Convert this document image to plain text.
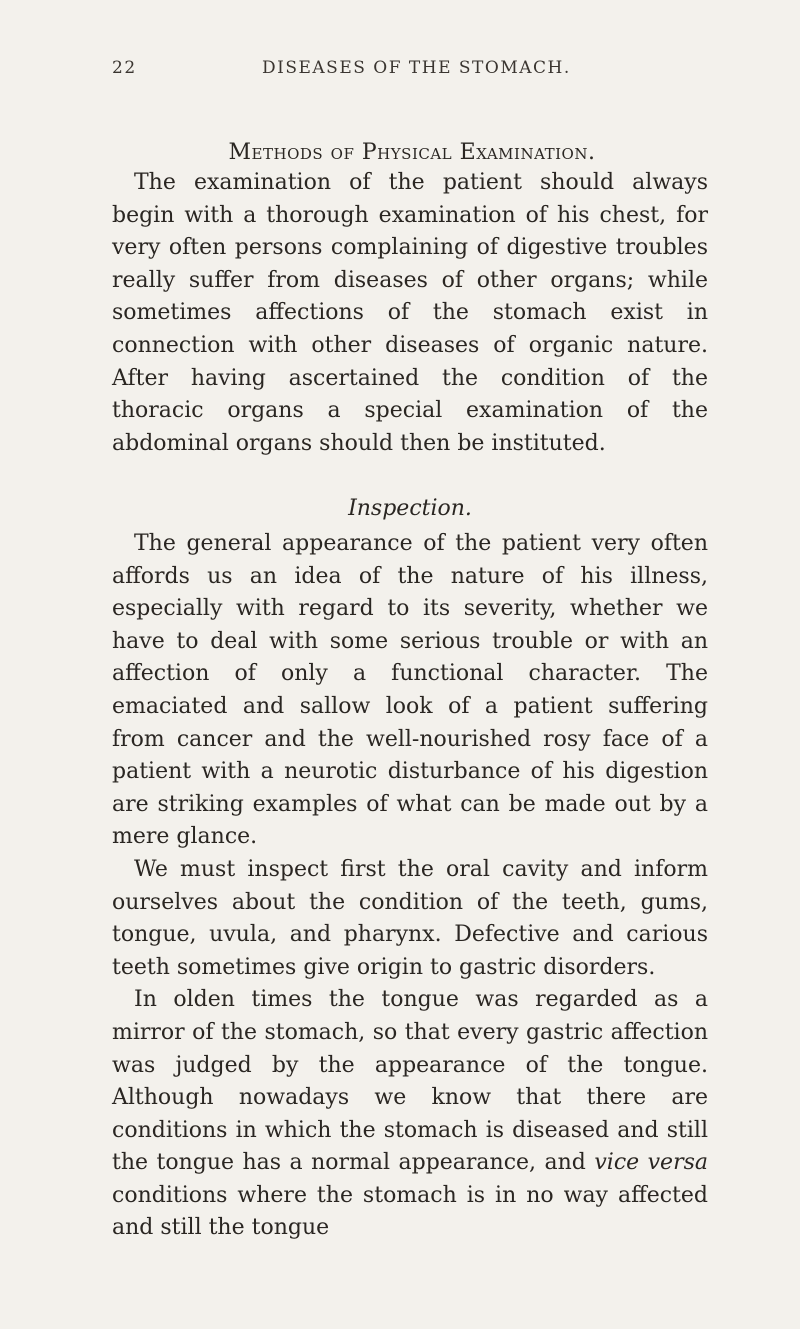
22	DISEASES OF THE STOMACH.
Methods of Physical Examination.

The examination of the patient should always begin with a thorough examination of his chest, for very often persons complaining of digestive troubles really suffer from diseases of other organs; while sometimes affections of the stomach exist in connection with other diseases of organic nature. After having ascertained the condition of the thoracic organs a special examination of the abdominal organs should then be instituted.

Inspection.

The general appearance of the patient very often affords us an idea of the nature of his illness, especially with regard to its severity, whether we have to deal with some serious trouble or with an affection of only a functional character. The emaciated and sallow look of a patient suffering from cancer and the well-nourished rosy face of a patient with a neurotic disturbance of his digestion are striking examples of what can be made out by a mere glance.

We must inspect first the oral cavity and inform ourselves about the condition of the teeth, gums, tongue, uvula, and pharynx. Defective and carious teeth sometimes give origin to gastric disorders.

In olden times the tongue was regarded as a mirror of the stomach, so that every gastric affection was judged by the appearance of the tongue. Although nowadays we know that there are conditions in which the stomach is diseased and still the tongue has a normal appearance, and vice versa conditions where the stomach is in no way affected and still the tongue
